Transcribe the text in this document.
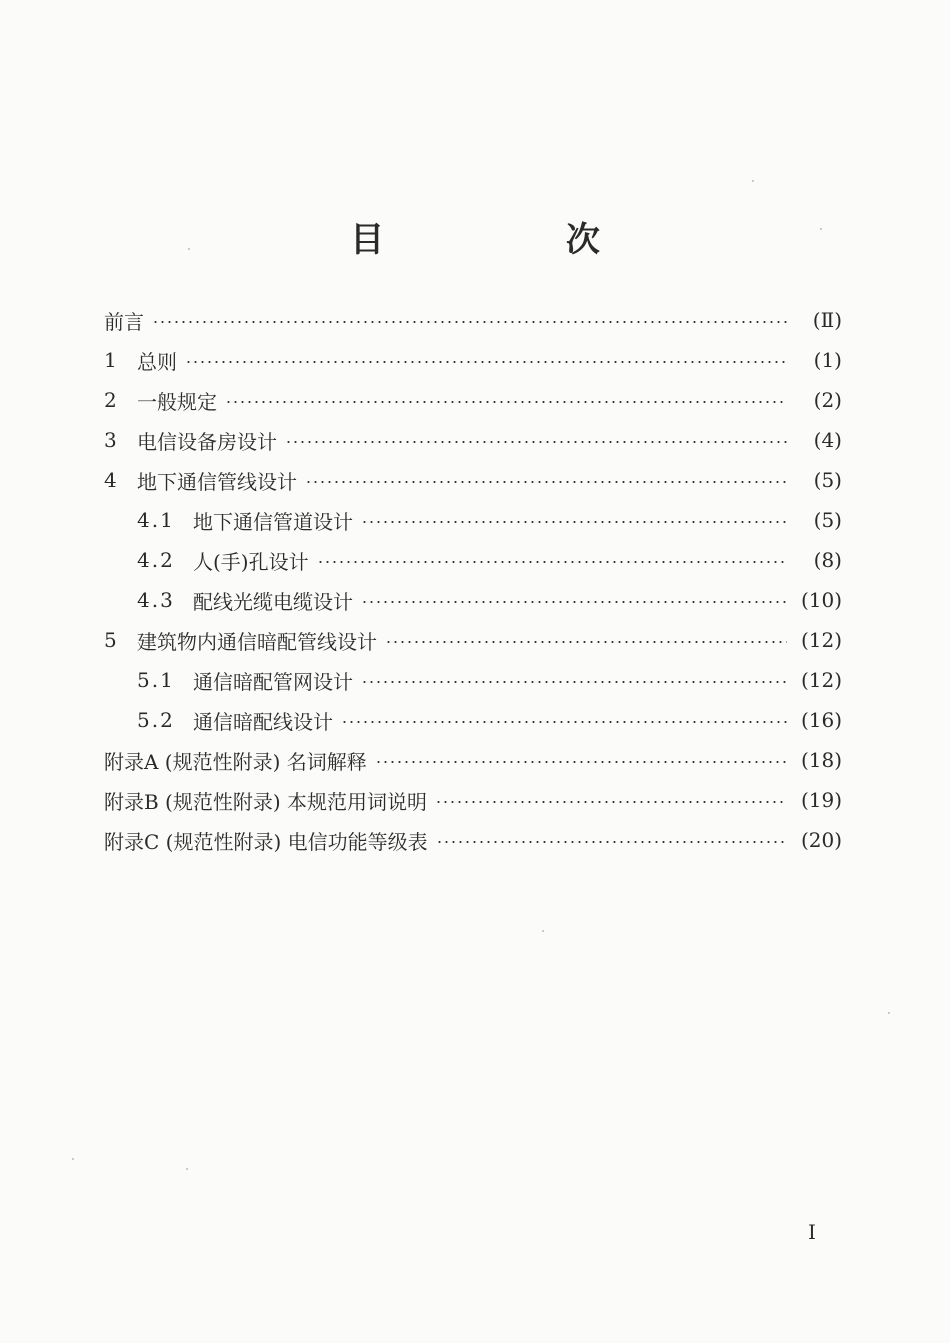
目 次
前言	(Ⅱ)
1	总则	(1)
2	一般规定	(2)
3	电信设备房设计	(4)
4	地下通信管线设计	(5)
4.1 地下通信管道设计	(5)
4.2 人(手)孔设计	(8)
4.3 配线光缆电缆设计	(10)
5	建筑物内通信暗配管线设计	(12)
5.1 通信暗配管网设计	(12)
5.2 通信暗配线设计	(16)
附录A (规范性附录) 名词解释	(18)
附录B (规范性附录) 本规范用词说明	(19)
附录C (规范性附录) 电信功能等级表	(20)
I
